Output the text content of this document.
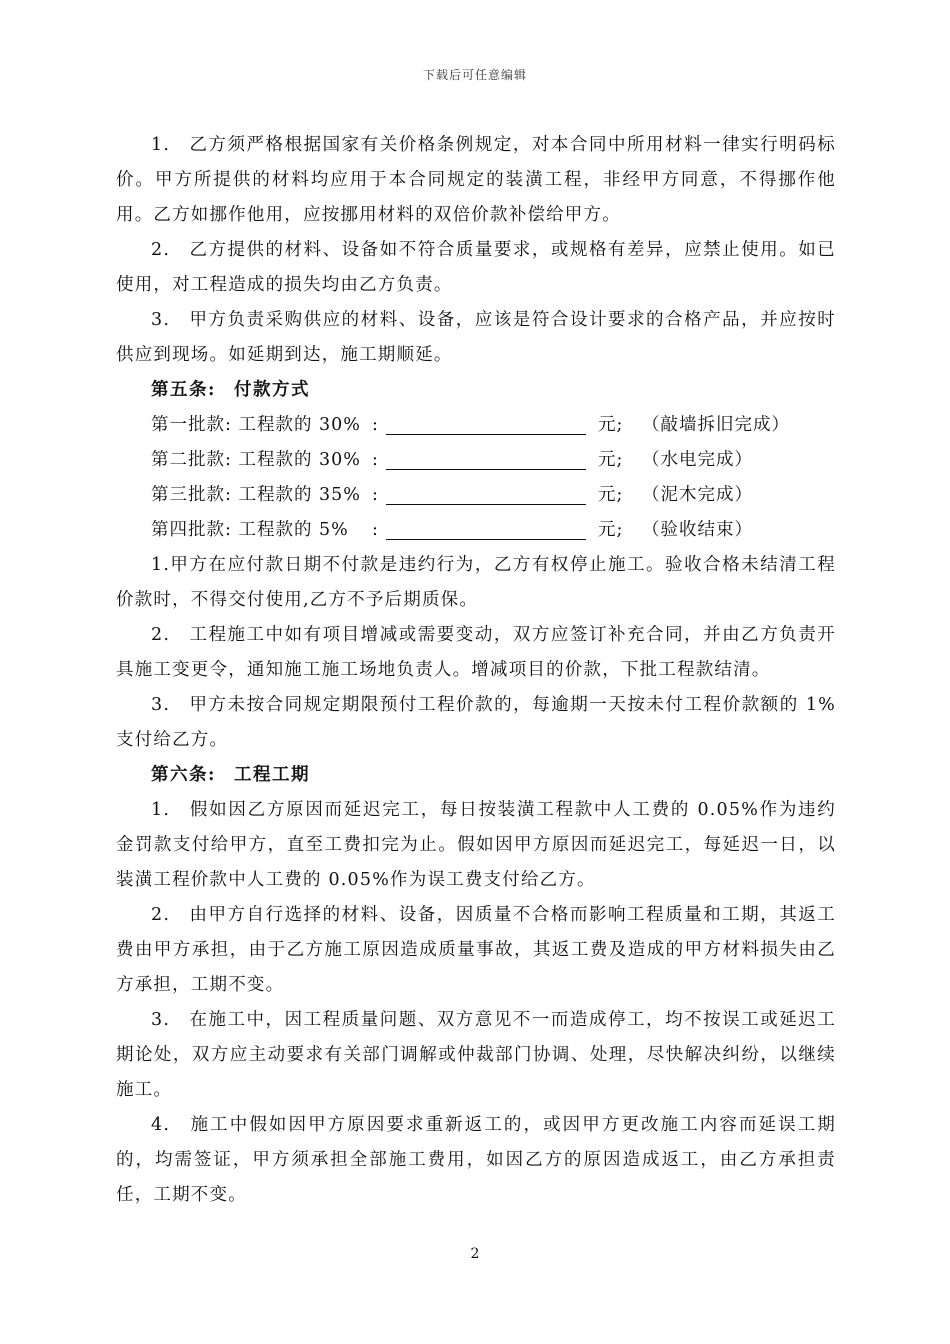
下载后可任意编辑

1.　乙方须严格根据国家有关价格条例规定，对本合同中所用材料一律实行明码标价。甲方所提供的材料均应用于本合同规定的装潢工程，非经甲方同意，不得挪作他用。乙方如挪作他用，应按挪用材料的双倍价款补偿给甲方。

2.　乙方提供的材料、设备如不符合质量要求，或规格有差异，应禁止使用。如已使用，对工程造成的损失均由乙方负责。

3.　甲方负责采购供应的材料、设备，应该是符合设计要求的合格产品，并应按时供应到现场。如延期到达，施工期顺延。

第五条: 付款方式

第一批款: 工程款的 30% :	元; （敲墙拆旧完成）
第二批款: 工程款的 30% :	元; （水电完成）
第三批款: 工程款的 35% :	元; （泥木完成）
第四批款: 工程款的 5% :	元; （验收结束）

1.甲方在应付款日期不付款是违约行为，乙方有权停止施工。验收合格未结清工程价款时，不得交付使用,乙方不予后期质保。

2.　工程施工中如有项目增减或需要变动，双方应签订补充合同，并由乙方负责开具施工变更令，通知施工施工场地负责人。增减项目的价款，下批工程款结清。

3.　甲方未按合同规定期限预付工程价款的，每逾期一天按未付工程价款额的 1%支付给乙方。

第六条: 工程工期

1.　假如因乙方原因而延迟完工，每日按装潢工程款中人工费的 0.05%作为违约金罚款支付给甲方，直至工费扣完为止。假如因甲方原因而延迟完工，每延迟一日，以装潢工程价款中人工费的 0.05%作为误工费支付给乙方。

2.　由甲方自行选择的材料、设备，因质量不合格而影响工程质量和工期，其返工费由甲方承担，由于乙方施工原因造成质量事故，其返工费及造成的甲方材料损失由乙方承担，工期不变。

3.　在施工中，因工程质量问题、双方意见不一而造成停工，均不按误工或延迟工期论处，双方应主动要求有关部门调解或仲裁部门协调、处理，尽快解决纠纷，以继续施工。

4.　施工中假如因甲方原因要求重新返工的，或因甲方更改施工内容而延误工期的，均需签证，甲方须承担全部施工费用，如因乙方的原因造成返工，由乙方承担责任，工期不变。

2
